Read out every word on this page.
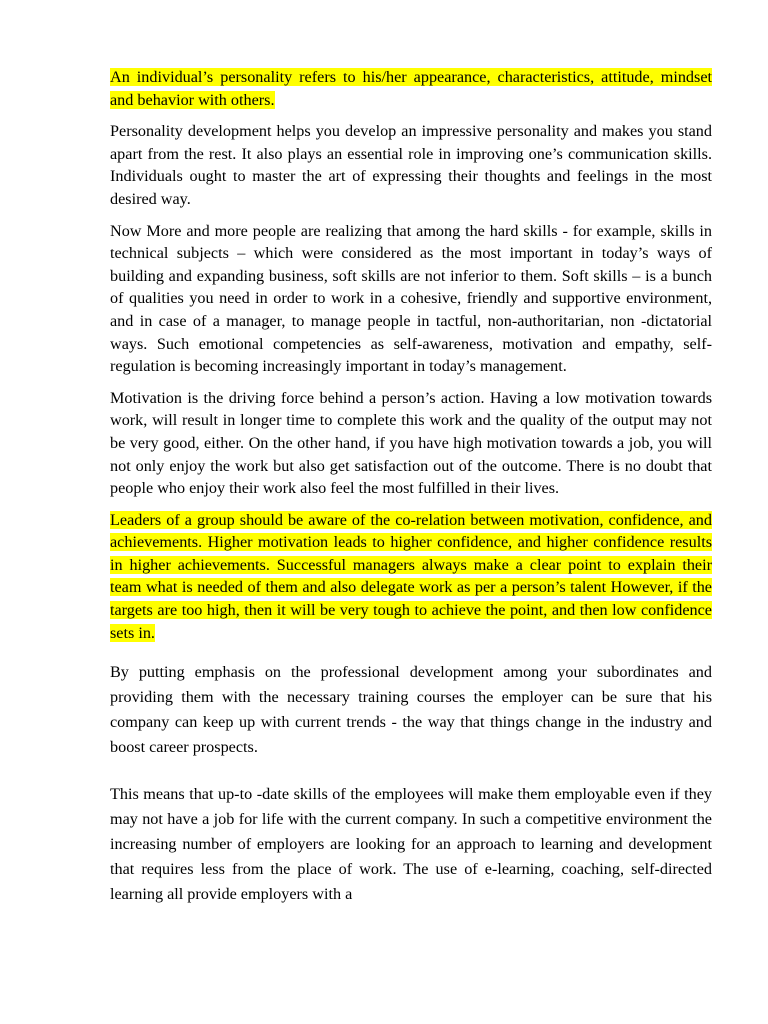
An individual’s personality refers to his/her appearance, characteristics, attitude, mindset and behavior with others.

Personality development helps you develop an impressive personality and makes you stand apart from the rest. It also plays an essential role in improving one’s communication skills. Individuals ought to master the art of expressing their thoughts and feelings in the most desired way.

Now More and more people are realizing that among the hard skills - for example, skills in technical subjects – which were considered as the most important in today’s ways of building and expanding business, soft skills are not inferior to them. Soft skills – is a bunch of qualities you need in order to work in a cohesive, friendly and supportive environment, and in case of a manager, to manage people in tactful, non-authoritarian, non -dictatorial ways. Such emotional competencies as self-awareness, motivation and empathy, self-regulation is becoming increasingly important in today’s management.

Motivation is the driving force behind a person’s action. Having a low motivation towards work, will result in longer time to complete this work and the quality of the output may not be very good, either. On the other hand, if you have high motivation towards a job, you will not only enjoy the work but also get satisfaction out of the outcome. There is no doubt that people who enjoy their work also feel the most fulfilled in their lives.

Leaders of a group should be aware of the co-relation between motivation, confidence, and achievements. Higher motivation leads to higher confidence, and higher confidence results in higher achievements. Successful managers always make a clear point to explain their team what is needed of them and also delegate work as per a person’s talent However, if the targets are too high, then it will be very tough to achieve the point, and then low confidence sets in.

By putting emphasis on the professional development among your subordinates and providing them with the necessary training courses the employer can be sure that his company can keep up with current trends - the way that things change in the industry and boost career prospects.

This means that up-to -date skills of the employees will make them employable even if they may not have a job for life with the current company. In such a competitive environment the increasing number of employers are looking for an approach to learning and development that requires less from the place of work. The use of e-learning, coaching, self-directed learning all provide employers with a
